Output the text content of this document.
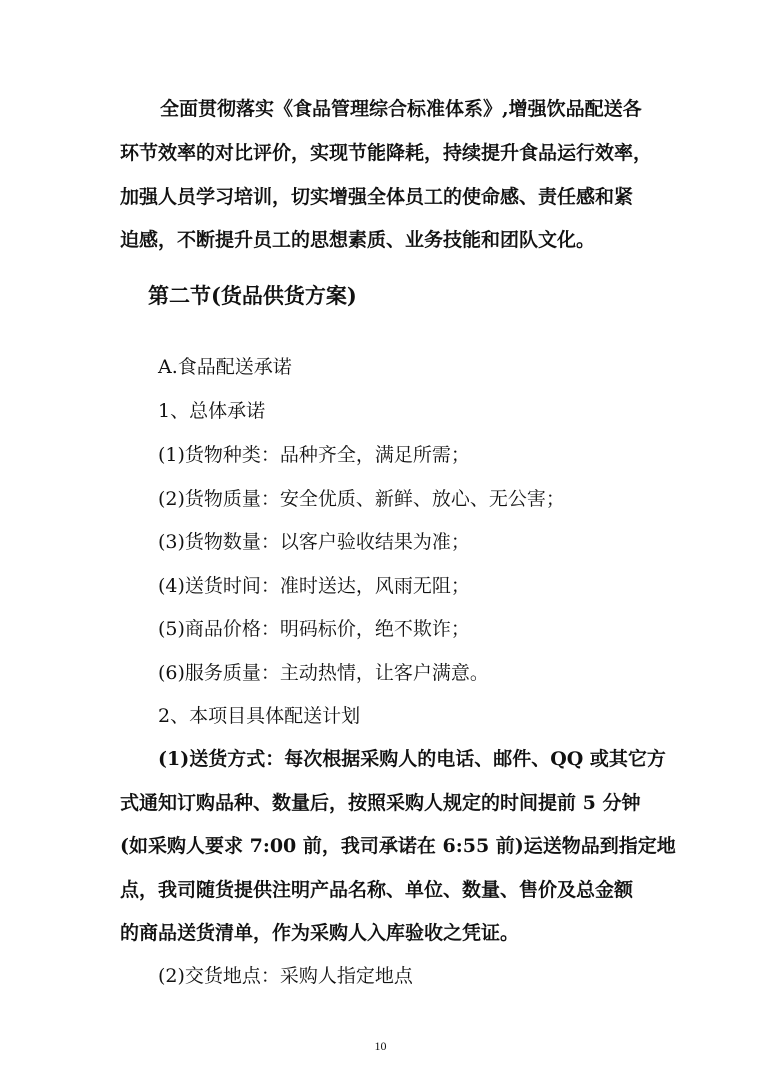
全面贯彻落实《食品管理综合标准体系》,增强饮品配送各
环节效率的对比评价，实现节能降耗，持续提升食品运行效率，
加强人员学习培训，切实增强全体员工的使命感、责任感和紧
迫感，不断提升员工的思想素质、业务技能和团队文化。
第二节(货品供货方案)
A.食品配送承诺
1、总体承诺
(1)货物种类：品种齐全，满足所需；
(2)货物质量：安全优质、新鲜、放心、无公害；
(3)货物数量：以客户验收结果为准；
(4)送货时间：准时送达，风雨无阻；
(5)商品价格：明码标价，绝不欺诈；
(6)服务质量：主动热情，让客户满意。
2、本项目具体配送计划
(1)送货方式：每次根据采购人的电话、邮件、QQ 或其它方
式通知订购品种、数量后，按照采购人规定的时间提前 5 分钟
(如采购人要求 7:00 前，我司承诺在 6:55 前)运送物品到指定地
点，我司随货提供注明产品名称、单位、数量、售价及总金额
的商品送货清单，作为采购人入库验收之凭证。
(2)交货地点：采购人指定地点
10
